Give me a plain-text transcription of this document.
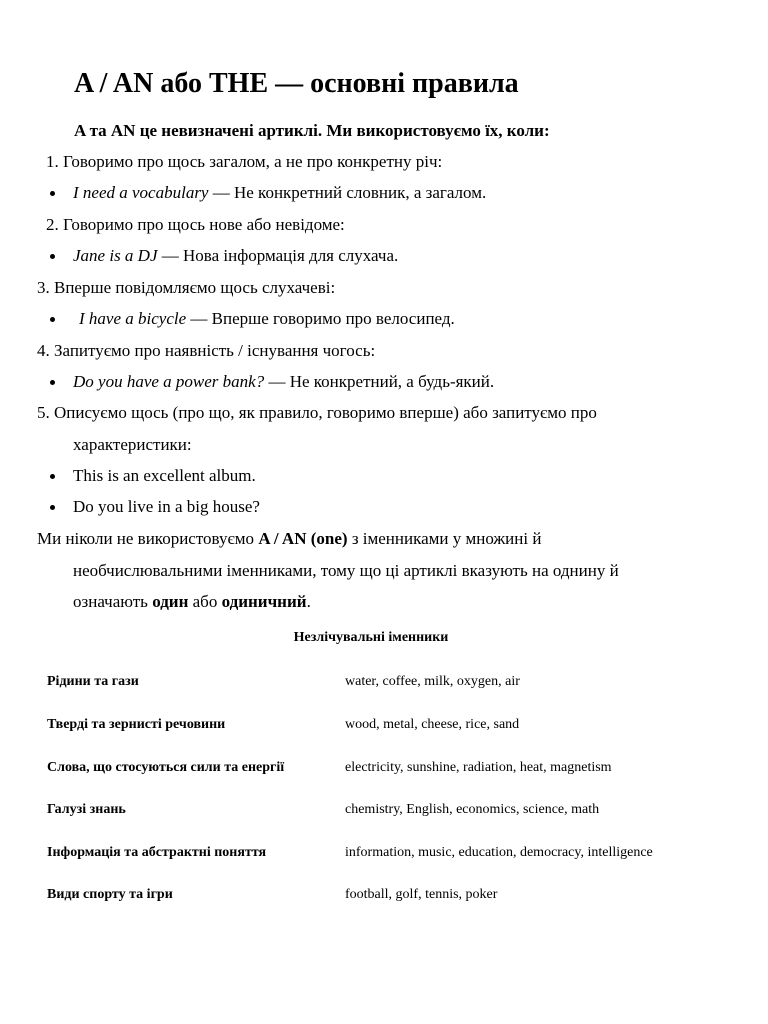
A / AN або THE — основні правила
A та AN це невизначені артиклі. Ми використовуємо їх, коли:
1. Говоримо про щось загалом, а не про конкретну річ:
I need a vocabulary — Не конкретний словник, а загалом.
2. Говоримо про щось нове або невідоме:
Jane is a DJ — Нова інформація для слухача.
3. Вперше повідомляємо щось слухачеві:
I have a bicycle — Вперше говоримо про велосипед.
4. Запитуємо про наявність / існування чогось:
Do you have a power bank? — Не конкретний, а будь-який.
5. Описуємо щось (про що, як правило, говоримо вперше) або запитуємо про
характеристики:
This is an excellent album.
Do you live in a big house?
Ми ніколи не використовуємо A / AN (one) з іменниками у множині й
необчислювальними іменниками, тому що ці артиклі вказують на однину й
означають один або одиничний.
Незлічувальні іменники
Рідини та гази	water, coffee, milk, oxygen, air
Тверді та зернисті речовини	wood, metal, cheese, rice, sand
Слова, що стосуються сили та енергії	electricity, sunshine, radiation, heat, magnetism
Галузі знань	chemistry, English, economics, science, math
Інформація та абстрактні поняття	information, music, education, democracy, intelligence
Види спорту та ігри	football, golf, tennis, poker
